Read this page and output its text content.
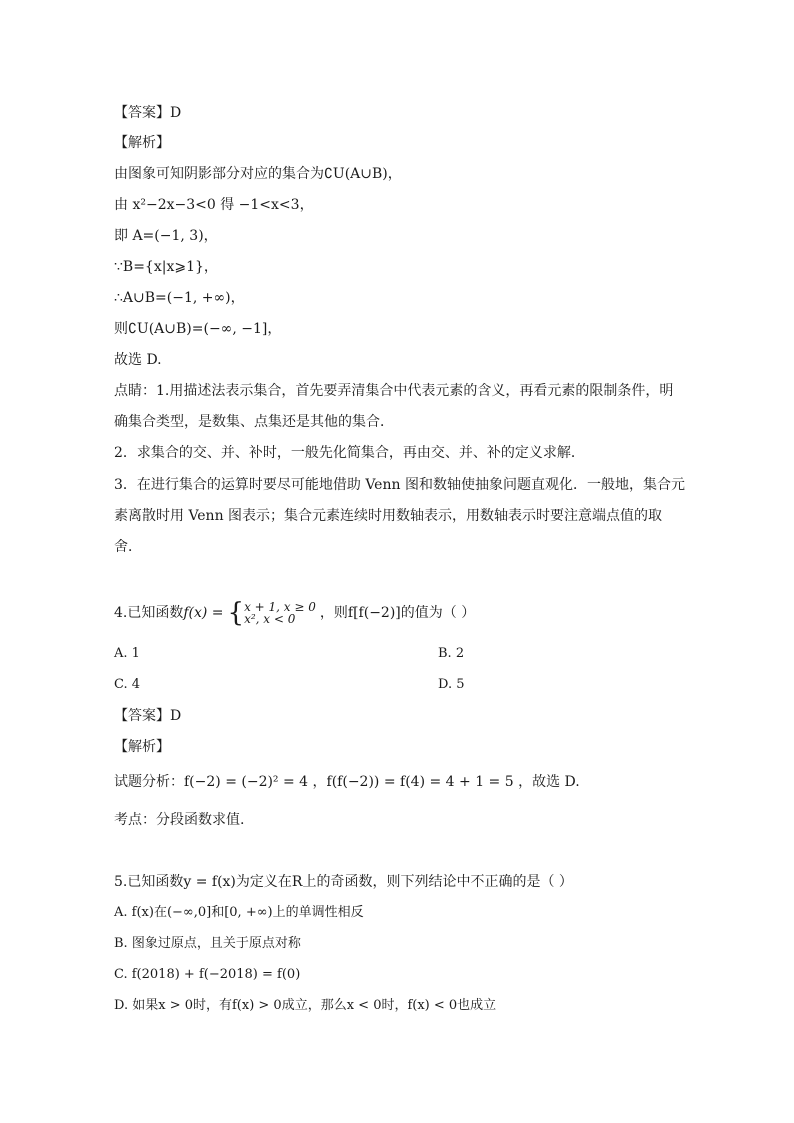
【答案】D
【解析】
由图象可知阴影部分对应的集合为∁U(A∪B)，
由 x²−2x−3<0 得 −1<x<3，
即 A=(−1, 3)，
∵B={x|x⩾1}，
∴A∪B=(−1, +∞)，
则∁U(A∪B)=(−∞, −1]，
故选 D.
点睛：1.用描述法表示集合，首先要弄清集合中代表元素的含义，再看元素的限制条件，明
确集合类型，是数集、点集还是其他的集合．
2．求集合的交、并、补时，一般先化简集合，再由交、并、补的定义求解．
3．在进行集合的运算时要尽可能地借助 Venn 图和数轴使抽象问题直观化．一般地，集合元
素离散时用 Venn 图表示；集合元素连续时用数轴表示，用数轴表示时要注意端点值的取
舍．
4.已知函数f(x) = { x + 1, x ≥ 0
x², x < 0	，则f[f(−2)]的值为（ ）
A. 1	B. 2
C. 4	D. 5
【答案】D
【解析】
试题分析：f(−2) = (−2)² = 4 ，f(f(−2)) = f(4) = 4 + 1 = 5 ，故选 D.
考点：分段函数求值.
5.已知函数y = f(x)为定义在R上的奇函数，则下列结论中不正确的是（ ）
A. f(x)在(−∞,0]和[0, +∞)上的单调性相反
B. 图象过原点，且关于原点对称
C. f(2018) + f(−2018) = f(0)
D. 如果x > 0时，有f(x) > 0成立，那么x < 0时，f(x) < 0也成立
